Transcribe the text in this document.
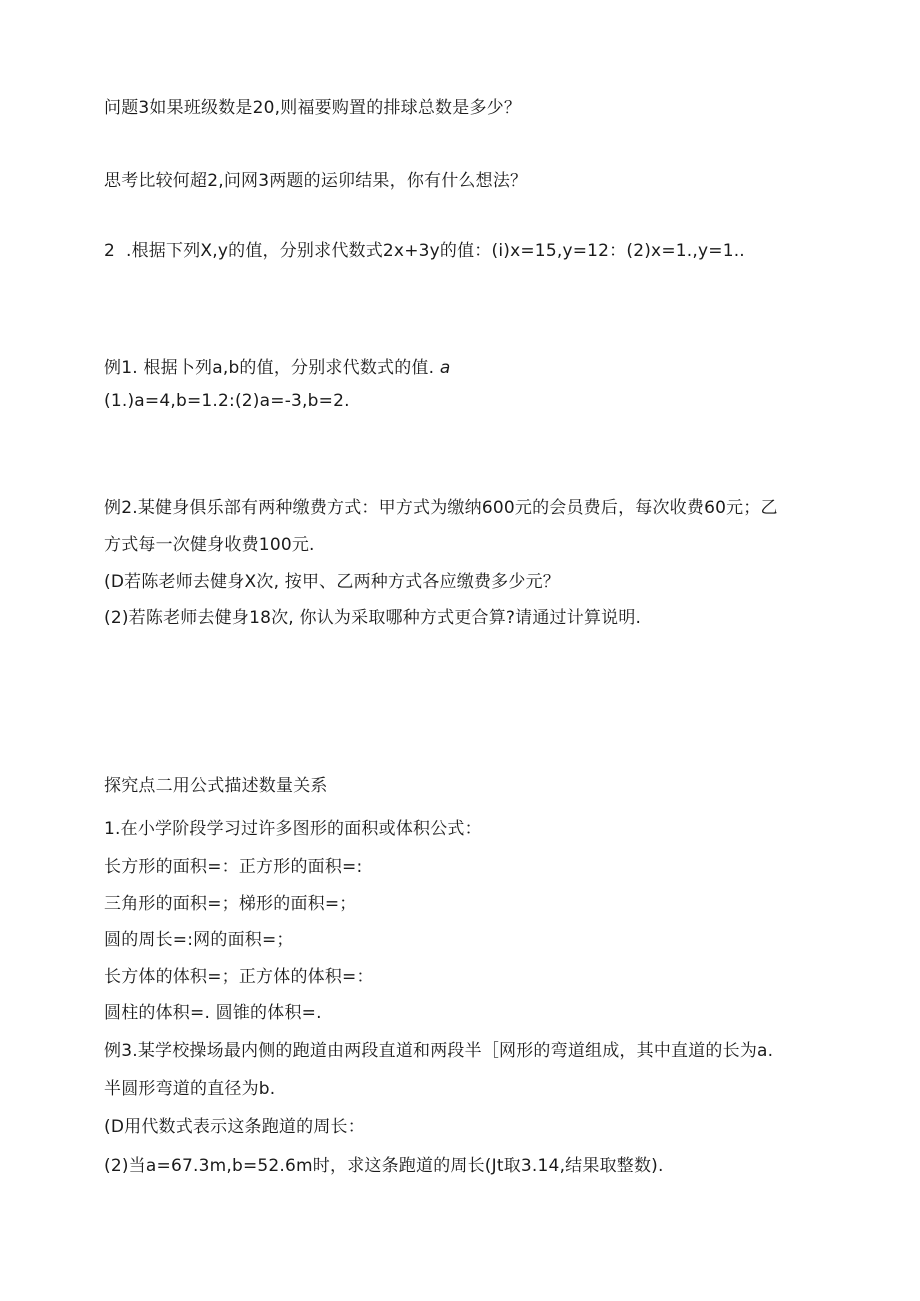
问题3如果班级数是20,则福要购置的排球总数是多少？
思考比较何超2,问网3两题的运卯结果，你有什么想法？
2 .根据下列X,y的值，分别求代数式2x+3y的值：(i)x=15,y=12：(2)x=1.,y=1..
例1. 根据卜列a,b的值，分别求代数式的值. a
(1.)a=4,b=1.2:(2)a=-3,b=2.
例2.某健身俱乐部有两种缴费方式：甲方式为缴纳600元的会员费后，每次收费60元；乙
方式每一次健身收费100元.
(D若陈老师去健身X次, 按甲、乙两种方式各应缴费多少元？
(2)若陈老师去健身18次, 你认为采取哪种方式更合算?请通过计算说明.
探究点二用公式描述数量关系
1.在小学阶段学习过许多图形的面积或体积公式：
长方形的面积=：正方形的面积=:
三角形的面积=；梯形的面积=；
圆的周长=:网的面积=；
长方体的体积=；正方体的体积=：
圆柱的体积=. 圆锥的体积=.
例3.某学校操场最内侧的跑道由两段直道和两段半［网形的弯道组成，其中直道的长为a.
半圆形弯道的直径为b.
(D用代数式表示这条跑道的周长：
(2)当a=67.3m,b=52.6m时，求这条跑道的周长(Jt取3.14,结果取整数).
